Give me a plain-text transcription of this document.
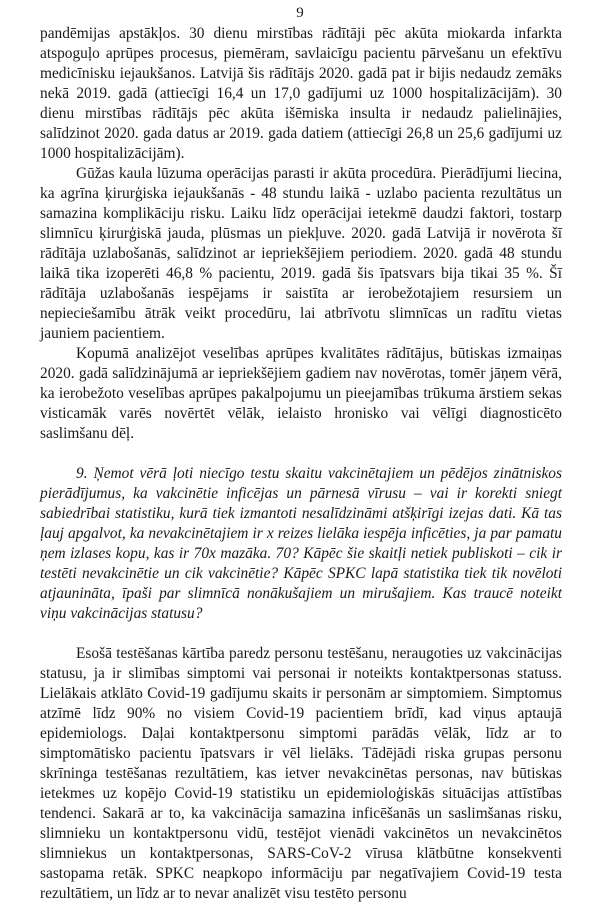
9

pandēmijas apstākļos. 30 dienu mirstības rādītāji pēc akūta miokarda infarkta atspoguļo aprūpes procesus, piemēram, savlaicīgu pacientu pārvešanu un efektīvu medicīnisku iejaukšanos. Latvijā šis rādītājs 2020. gadā pat ir bijis nedaudz zemāks nekā 2019. gadā (attiecīgi 16,4 un 17,0 gadījumi uz 1000 hospitalizācijām). 30 dienu mirstības rādītājs pēc akūta išēmiska insulta ir nedaudz palielinājies, salīdzinot 2020. gada datus ar 2019. gada datiem (attiecīgi 26,8 un 25,6 gadījumi uz 1000 hospitalizācijām).

Gūžas kaula lūzuma operācijas parasti ir akūta procedūra. Pierādījumi liecina, ka agrīna ķirurģiska iejaukšanās - 48 stundu laikā - uzlabo pacienta rezultātus un samazina komplikāciju risku. Laiku līdz operācijai ietekmē daudzi faktori, tostarp slimnīcu ķirurģiskā jauda, plūsmas un piekļuve. 2020. gadā Latvijā ir novērota šī rādītāja uzlabošanās, salīdzinot ar iepriekšējiem periodiem. 2020. gadā 48 stundu laikā tika izoperēti 46,8 % pacientu, 2019. gadā šis īpatsvars bija tikai 35 %. Šī rādītāja uzlabošanās iespējams ir saistīta ar ierobežotajiem resursiem un nepieciešamību ātrāk veikt procedūru, lai atbrīvotu slimnīcas un radītu vietas jauniem pacientiem.

Kopumā analizējot veselības aprūpes kvalitātes rādītājus, būtiskas izmaiņas 2020. gadā salīdzinājumā ar iepriekšējiem gadiem nav novērotas, tomēr jāņem vērā, ka ierobežoto veselības aprūpes pakalpojumu un pieejamības trūkuma ārstiem sekas visticamāk varēs novērtēt vēlāk, ielaisto hronisko vai vēlīgi diagnosticēto saslimšanu dēļ.

9. Ņemot vērā ļoti niecīgo testu skaitu vakcinētajiem un pēdējos zinātniskos pierādījumus, ka vakcinētie inficējas un pārnesā vīrusu – vai ir korekti sniegt sabiedrībai statistiku, kurā tiek izmantoti nesalīdzināmi atšķirīgi izejas dati. Kā tas ļauj apgalvot, ka nevakcinētajiem ir x reizes lielāka iespēja inficēties, ja par pamatu ņem izlases kopu, kas ir 70x mazāka. 70? Kāpēc šie skaitļi netiek publiskoti – cik ir testēti nevakcinētie un cik vakcinētie? Kāpēc SPKC lapā statistika tiek tik novēloti atjaunināta, īpaši par slimnīcā nonākušajiem un mirušajiem. Kas traucē noteikt viņu vakcinācijas statusu?

Esošā testēšanas kārtība paredz personu testēšanu, neraugoties uz vakcinācijas statusu, ja ir slimības simptomi vai personai ir noteikts kontaktpersonas statuss. Lielākais atklāto Covid-19 gadījumu skaits ir personām ar simptomiem. Simptomus atzīmē līdz 90% no visiem Covid-19 pacientiem brīdī, kad viņus aptaujā epidemiologs. Daļai kontaktpersonu simptomi parādās vēlāk, līdz ar to simptomātisko pacientu īpatsvars ir vēl lielāks. Tādējādi riska grupas personu skrīninga testēšanas rezultātiem, kas ietver nevakcinētas personas, nav būtiskas ietekmes uz kopējo Covid-19 statistiku un epidemioloģiskās situācijas attīstības tendenci. Sakarā ar to, ka vakcinācija samazina inficēšanās un saslimšanas risku, slimnieku un kontaktpersonu vidū, testējot vienādi vakcinētos un nevakcinētos slimniekus un kontaktpersonas, SARS-CoV-2 vīrusa klātbūtne konsekventi sastopama retāk. SPKC neapkopo informāciju par negatīvajiem Covid-19 testa rezultātiem, un līdz ar to nevar analizēt visu testēto personu
